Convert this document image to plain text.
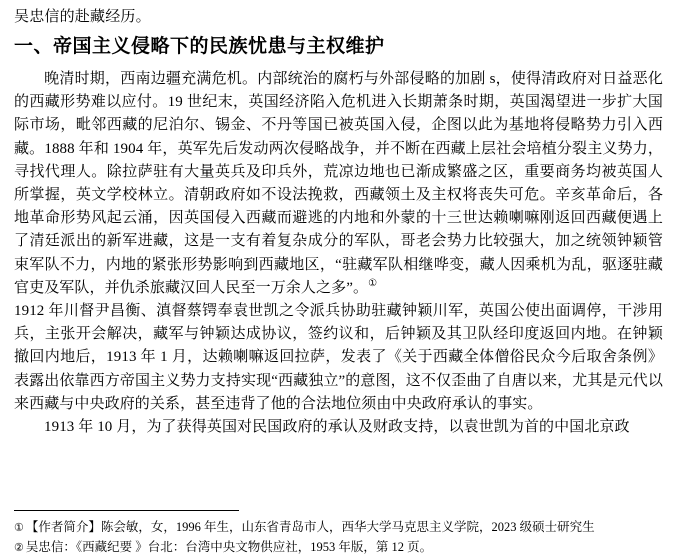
吴忠信的赴藏经历。

一、帝国主义侵略下的民族忧患与主权维护

晚清时期，西南边疆充满危机。内部统治的腐朽与外部侵略的加剧 s，使得清政府对日益恶化的西藏形势难以应付。19 世纪末，英国经济陷入危机进入长期萧条时期，英国渴望进一步扩大国际市场，毗邻西藏的尼泊尔、锡金、不丹等国已被英国入侵，企图以此为基地将侵略势力引入西藏。1888 年和 1904 年，英军先后发动两次侵略战争，并不断在西藏上层社会培植分裂主义势力，寻找代理人。除拉萨驻有大量英兵及印兵外，荒凉边地也已渐成繁盛之区，重要商务均被英国人所掌握，英文学校林立。清朝政府如不设法挽救，西藏领土及主权将丧失可危。辛亥革命后，各地革命形势风起云涌，因英国侵入西藏而避逃的内地和外蒙的十三世达赖喇嘛刚返回西藏便遇上了清廷派出的新军进藏，这是一支有着复杂成分的军队，哥老会势力比较强大，加之统领钟颖管束军队不力，内地的紧张形势影响到西藏地区，“驻藏军队相继哗变，藏人因乘机为乱，驱逐驻藏官吏及军队，并仇杀旅藏汉回人民至一万余人之多”。①

1912 年川督尹昌衡、滇督蔡锷奉袁世凯之令派兵协助驻藏钟颖川军，英国公使出面调停，干涉用兵，主张开会解决，藏军与钟颖达成协议，签约议和，后钟颖及其卫队经印度返回内地。在钟颖撤回内地后，1913 年 1 月，达赖喇嘛返回拉萨，发表了《关于西藏全体僧俗民众今后取舍条例》表露出依靠西方帝国主义势力支持实现“西藏独立”的意图，这不仅歪曲了自唐以来，尤其是元代以来西藏与中央政府的关系，甚至违背了他的合法地位须由中央政府承认的事实。

1913 年 10 月，为了获得英国对民国政府的承认及财政支持，以袁世凯为首的中国北京政

① 【作者简介】陈会敏，女，1996 年生，山东省青岛市人，西华大学马克思主义学院，2023 级硕士研究生

② 吴忠信：《西藏纪要 》台北：台湾中央文物供应社，1953 年版，第 12 页。
